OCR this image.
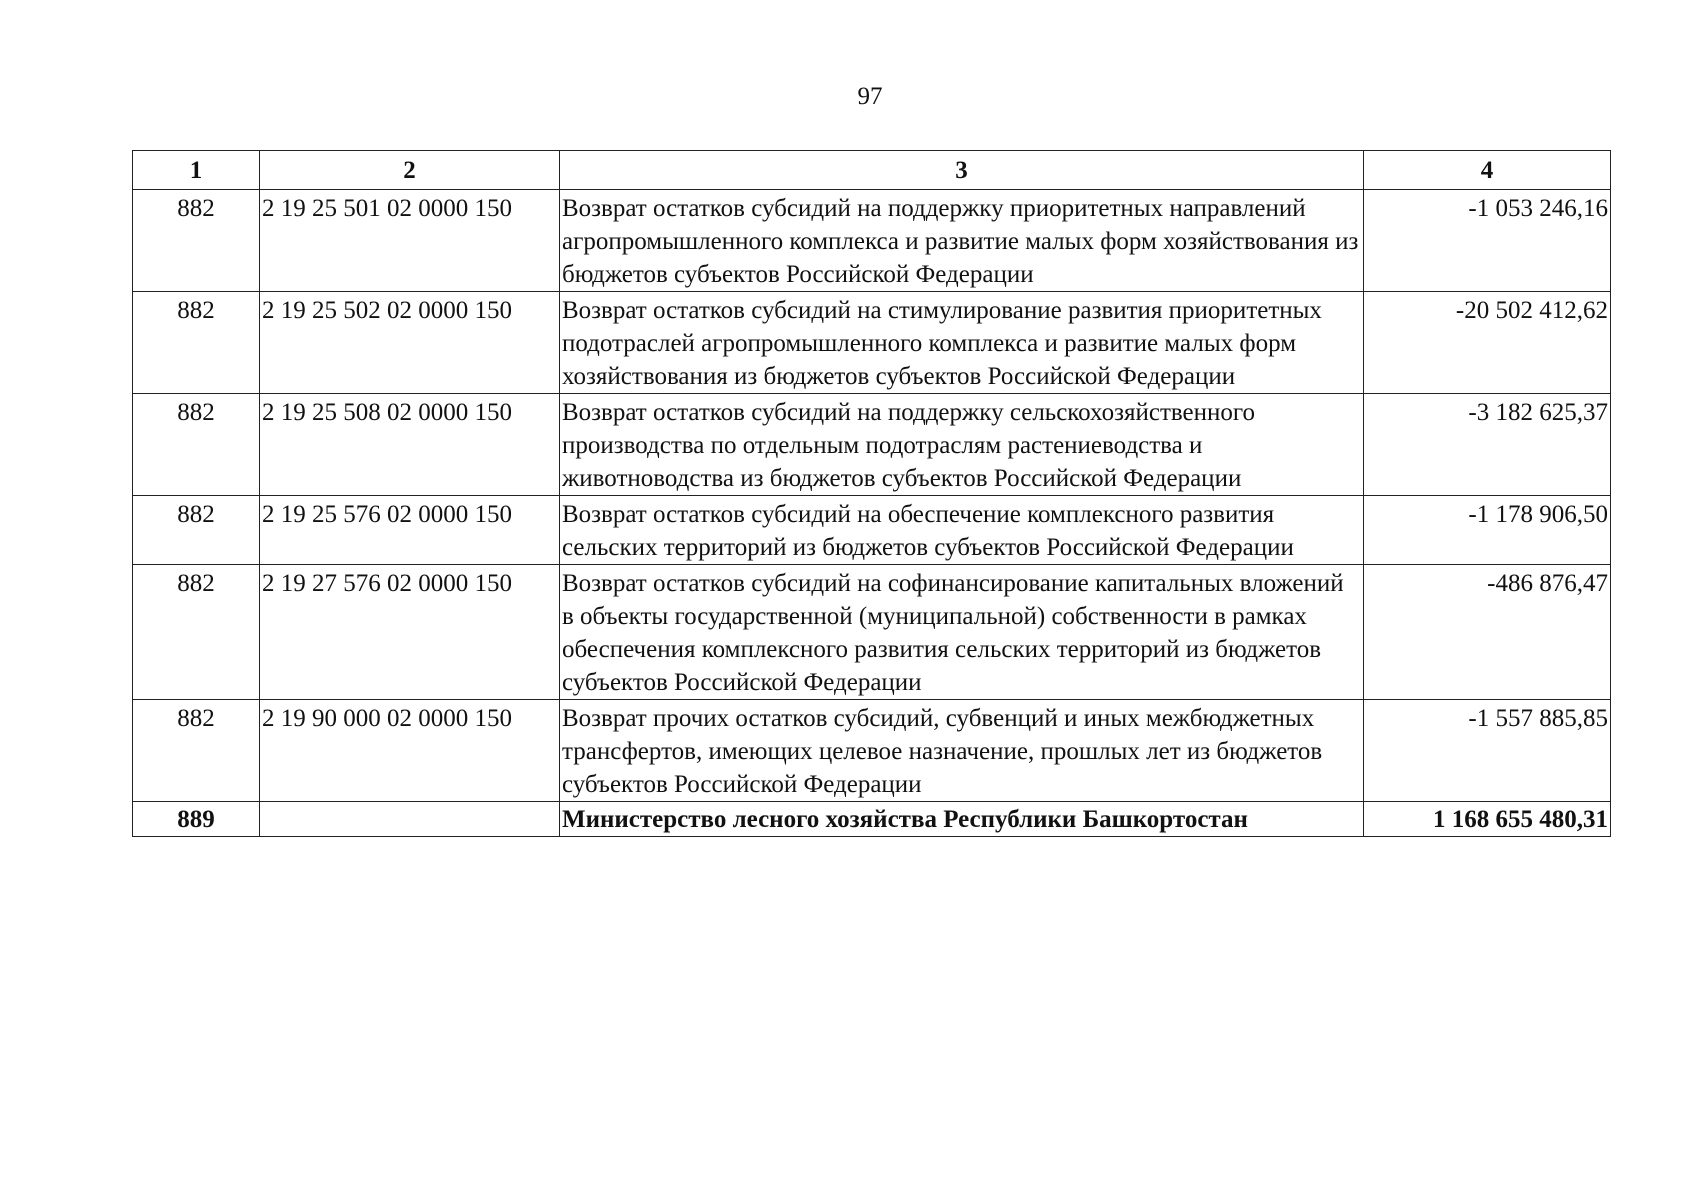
97
1	2	3	4
882	2 19 25 501 02 0000 150	Возврат остатков субсидий на поддержку приоритетных направлений агропромышленного комплекса и развитие малых форм хозяйствования из бюджетов субъектов Российской Федерации	-1 053 246,16
882	2 19 25 502 02 0000 150	Возврат остатков субсидий на стимулирование развития приоритетных подотраслей агропромышленного комплекса и развитие малых форм хозяйствования из бюджетов субъектов Российской Федерации	-20 502 412,62
882	2 19 25 508 02 0000 150	Возврат остатков субсидий на поддержку сельскохозяйственного производства по отдельным подотраслям растениеводства и животноводства из бюджетов субъектов Российской Федерации	-3 182 625,37
882	2 19 25 576 02 0000 150	Возврат остатков субсидий на обеспечение комплексного развития сельских территорий из бюджетов субъектов Российской Федерации	-1 178 906,50
882	2 19 27 576 02 0000 150	Возврат остатков субсидий на софинансирование капитальных вложений в объекты государственной (муниципальной) собственности в рамках обеспечения комплексного развития сельских территорий из бюджетов субъектов Российской Федерации	-486 876,47
882	2 19 90 000 02 0000 150	Возврат прочих остатков субсидий, субвенций и иных межбюджетных трансфертов, имеющих целевое назначение, прошлых лет из бюджетов субъектов Российской Федерации	-1 557 885,85
889		Министерство лесного хозяйства Республики Башкортостан	1 168 655 480,31
